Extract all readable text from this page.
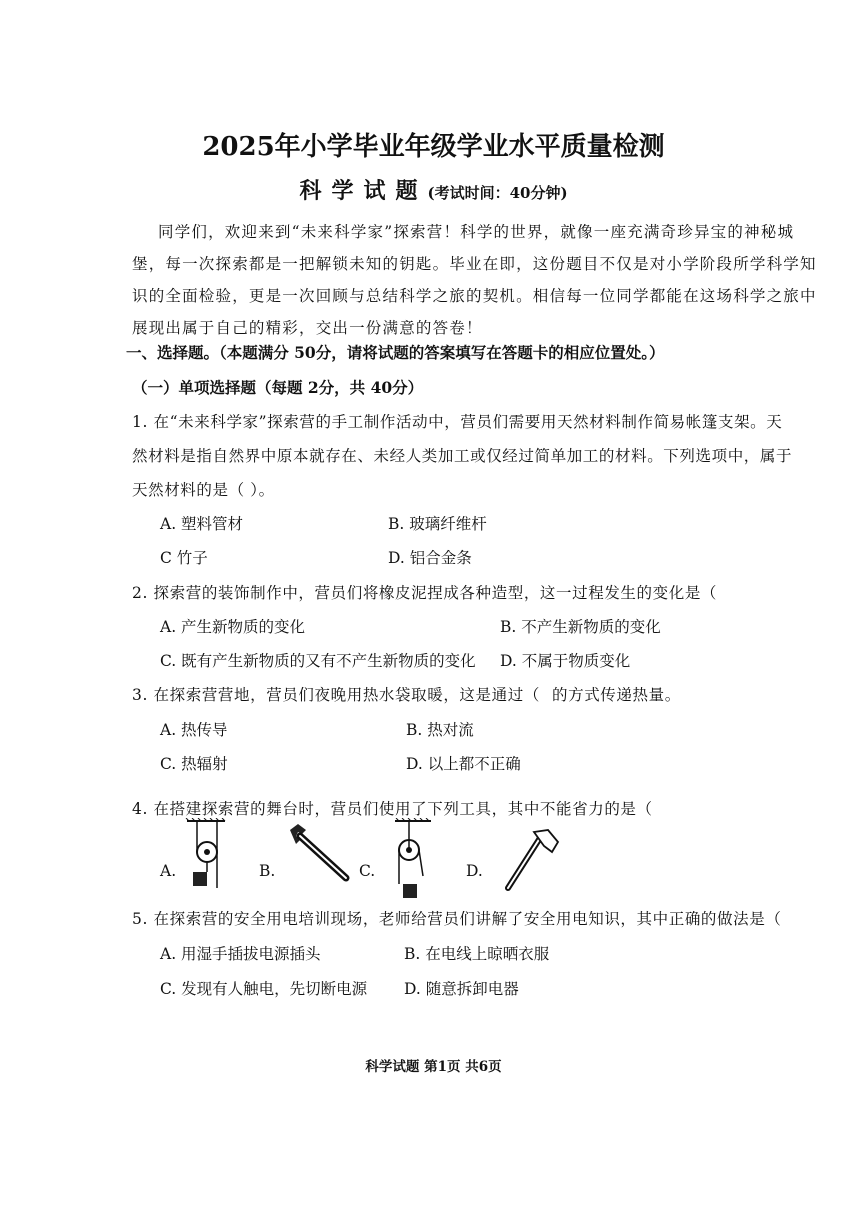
2025年小学毕业年级学业水平质量检测
科学试题(考试时间：40分钟)
同学们，欢迎来到“未来科学家”探索营！科学的世界，就像一座充满奇珍异宝的神秘城
堡，每一次探索都是一把解锁未知的钥匙。毕业在即，这份题目不仅是对小学阶段所学科学知
识的全面检验，更是一次回顾与总结科学之旅的契机。相信每一位同学都能在这场科学之旅中
展现出属于自己的精彩，交出一份满意的答卷！
一、选择题。（本题满分 50分，请将试题的答案填写在答题卡的相应位置处。）
（一）单项选择题（每题 2分，共 40分）
1. 在“未来科学家”探索营的手工制作活动中，营员们需要用天然材料制作简易帐篷支架。天
然材料是指自然界中原本就存在、未经人类加工或仅经过简单加工的材料。下列选项中，属于
天然材料的是（ ）。
A. 塑料管材	B. 玻璃纤维杆
C 竹子	D. 铝合金条
2. 探索营的装饰制作中，营员们将橡皮泥捏成各种造型，这一过程发生的变化是（
A. 产生新物质的变化	B. 不产生新物质的变化
C. 既有产生新物质的又有不产生新物质的变化 D. 不属于物质变化
3. 在探索营营地，营员们夜晚用热水袋取暖，这是通过（ 的方式传递热量。
A. 热传导	B. 热对流
C. 热辐射	D. 以上都不正确
4. 在搭建探索营的舞台时，营员们使用了下列工具，其中不能省力的是（
A.	B.	C.	D.
5. 在探索营的安全用电培训现场，老师给营员们讲解了安全用电知识，其中正确的做法是（
A. 用湿手插拔电源插头	B. 在电线上晾晒衣服
C. 发现有人触电，先切断电源 D. 随意拆卸电器
科学试题 第1页 共6页
